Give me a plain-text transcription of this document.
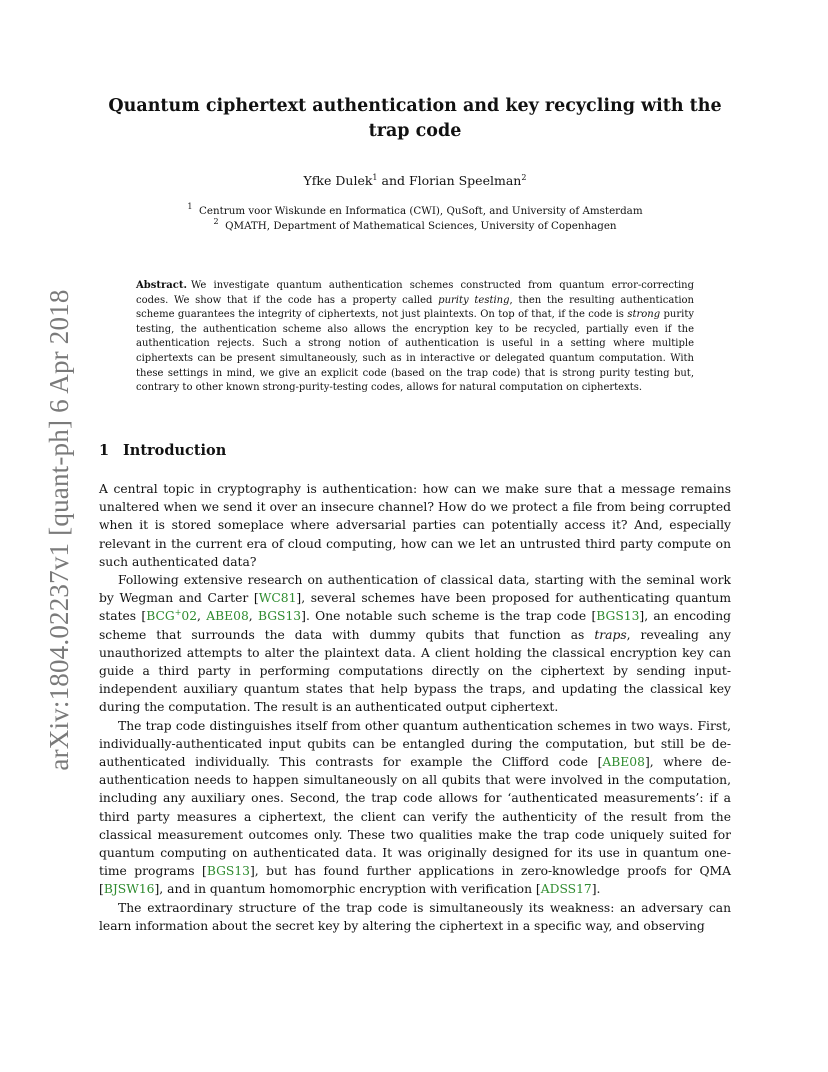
arXiv:1804.02237v1 [quant-ph] 6 Apr 2018
Quantum ciphertext authentication and key recycling with the
trap code
Yfke Dulek$^1$ and Florian Speelman$^2$
$^1$ Centrum voor Wiskunde en Informatica (CWI), QuSoft, and University of Amsterdam
$^2$ QMATH, Department of Mathematical Sciences, University of Copenhagen
Abstract. We investigate quantum authentication schemes constructed from quantum error-correcting codes. We show that if the code has a property called purity testing, then the resulting authentication scheme guarantees the integrity of ciphertexts, not just plaintexts. On top of that, if the code is strong purity testing, the authentication scheme also allows the encryption key to be recycled, partially even if the authentication rejects. Such a strong notion of authentication is useful in a setting where multiple ciphertexts can be present simultaneously, such as in interactive or delegated quantum computation. With these settings in mind, we give an explicit code (based on the trap code) that is strong purity testing but, contrary to other known strong-purity-testing codes, allows for natural computation on ciphertexts.
1 Introduction

A central topic in cryptography is authentication: how can we make sure that a message remains unaltered when we send it over an insecure channel? How do we protect a file from being corrupted when it is stored someplace where adversarial parties can potentially access it? And, especially relevant in the current era of cloud computing, how can we let an untrusted third party compute on such authenticated data?

Following extensive research on authentication of classical data, starting with the seminal work by Wegman and Carter [WC81], several schemes have been proposed for authenticating quantum states [BCG+02, ABE08, BGS13]. One notable such scheme is the trap code [BGS13], an encoding scheme that surrounds the data with dummy qubits that function as traps, revealing any unauthorized attempts to alter the plaintext data. A client holding the classical encryption key can guide a third party in performing computations directly on the ciphertext by sending input-independent auxiliary quantum states that help bypass the traps, and updating the classical key during the computation. The result is an authenticated output ciphertext.

The trap code distinguishes itself from other quantum authentication schemes in two ways. First, individually-authenticated input qubits can be entangled during the computation, but still be de-authenticated individually. This contrasts for example the Clifford code [ABE08], where de-authentication needs to happen simultaneously on all qubits that were involved in the computation, including any auxiliary ones. Second, the trap code allows for ‘authenticated measurements’: if a third party measures a ciphertext, the client can verify the authenticity of the result from the classical measurement outcomes only. These two qualities make the trap code uniquely suited for quantum computing on authenticated data. It was originally designed for its use in quantum one-time programs [BGS13], but has found further applications in zero-knowledge proofs for QMA [BJSW16], and in quantum homomorphic encryption with verification [ADSS17].

The extraordinary structure of the trap code is simultaneously its weakness: an adversary can learn information about the secret key by altering the ciphertext in a specific way, and observing
